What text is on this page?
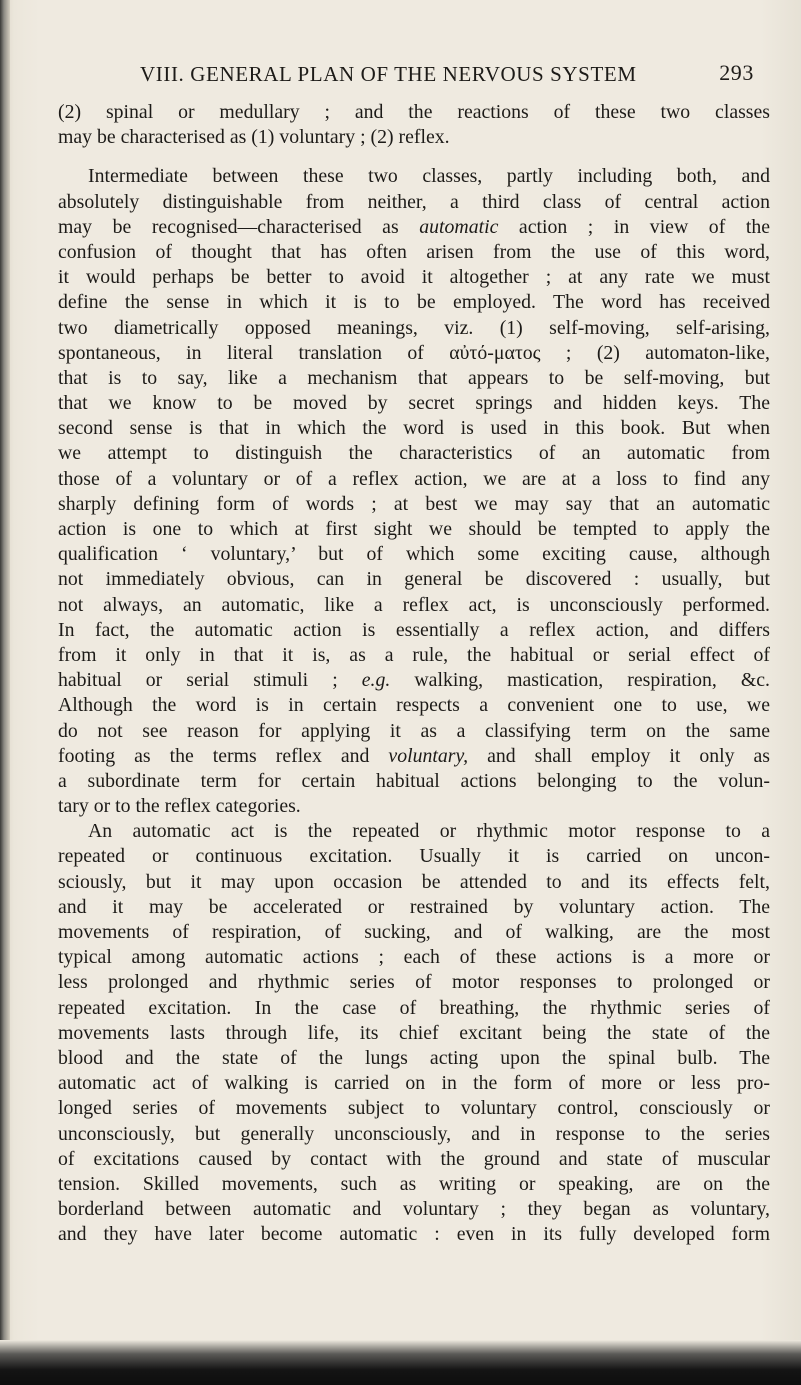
VIII. GENERAL PLAN OF THE NERVOUS SYSTEM	293
(2) spinal or medullary ; and the reactions of these two classes
may be characterised as (1) voluntary ; (2) reflex.
Intermediate between these two classes, partly including both, and
absolutely distinguishable from neither, a third class of central action
may be recognised—characterised as automatic action ; in view of the
confusion of thought that has often arisen from the use of this word,
it would perhaps be better to avoid it altogether ; at any rate we must
define the sense in which it is to be employed. The word has received
two diametrically opposed meanings, viz. (1) self-moving, self-arising,
spontaneous, in literal translation of αὐτό-ματος ; (2) automaton-like,
that is to say, like a mechanism that appears to be self-moving, but
that we know to be moved by secret springs and hidden keys. The
second sense is that in which the word is used in this book. But when
we attempt to distinguish the characteristics of an automatic from
those of a voluntary or of a reflex action, we are at a loss to find any
sharply defining form of words ; at best we may say that an automatic
action is one to which at first sight we should be tempted to apply the
qualification ‘ voluntary,’ but of which some exciting cause, although
not immediately obvious, can in general be discovered : usually, but
not always, an automatic, like a reflex act, is unconsciously performed.
In fact, the automatic action is essentially a reflex action, and differs
from it only in that it is, as a rule, the habitual or serial effect of
habitual or serial stimuli ; e.g. walking, mastication, respiration, &c.
Although the word is in certain respects a convenient one to use, we
do not see reason for applying it as a classifying term on the same
footing as the terms reflex and voluntary, and shall employ it only as
a subordinate term for certain habitual actions belonging to the volun-
tary or to the reflex categories.
An automatic act is the repeated or rhythmic motor response to a
repeated or continuous excitation. Usually it is carried on uncon-
sciously, but it may upon occasion be attended to and its effects felt,
and it may be accelerated or restrained by voluntary action. The
movements of respiration, of sucking, and of walking, are the most
typical among automatic actions ; each of these actions is a more or
less prolonged and rhythmic series of motor responses to prolonged or
repeated excitation. In the case of breathing, the rhythmic series of
movements lasts through life, its chief excitant being the state of the
blood and the state of the lungs acting upon the spinal bulb. The
automatic act of walking is carried on in the form of more or less pro-
longed series of movements subject to voluntary control, consciously or
unconsciously, but generally unconsciously, and in response to the series
of excitations caused by contact with the ground and state of muscular
tension. Skilled movements, such as writing or speaking, are on the
borderland between automatic and voluntary ; they began as voluntary,
and they have later become automatic : even in its fully developed form
